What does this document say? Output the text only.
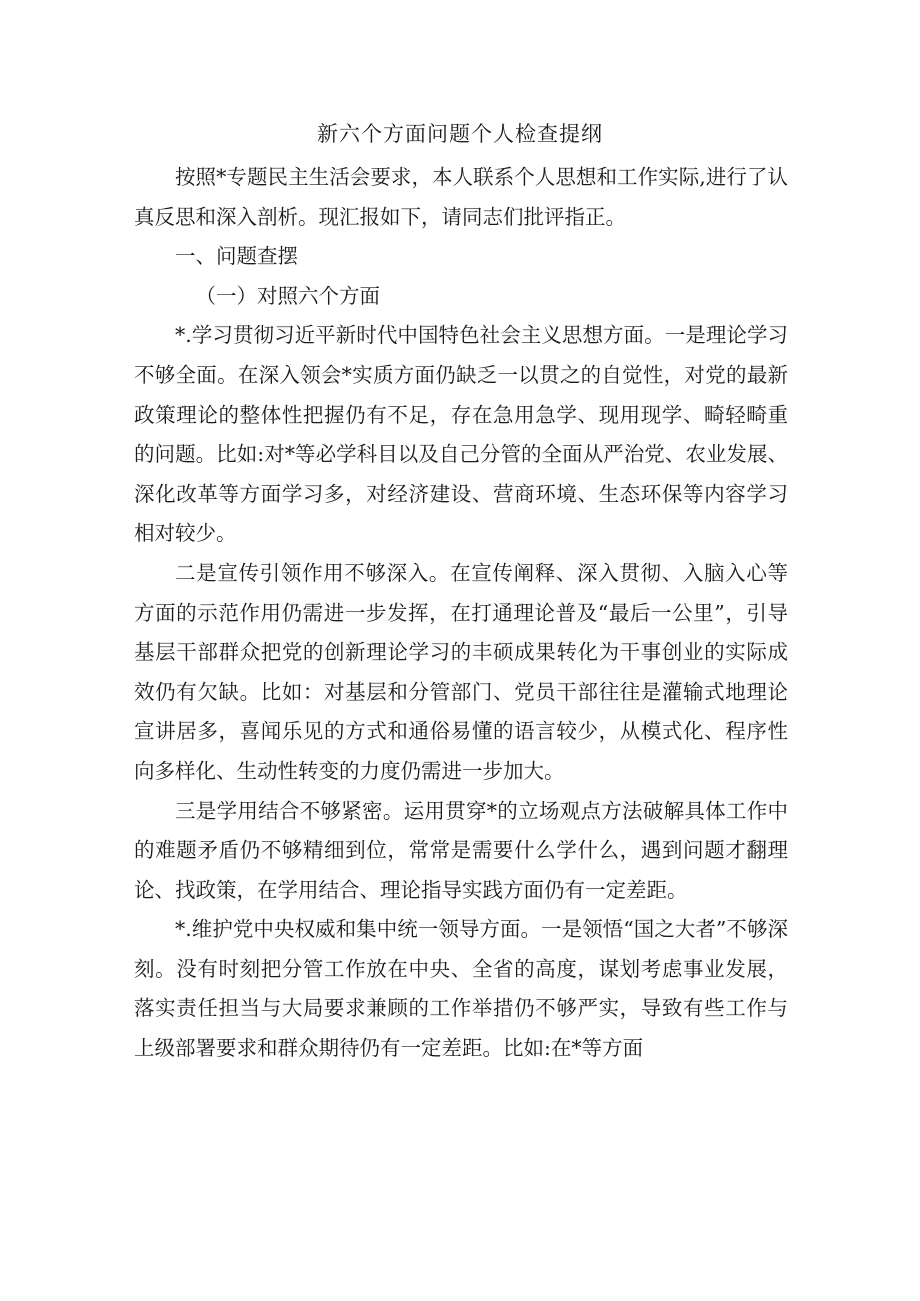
新六个方面问题个人检查提纲

按照*专题民主生活会要求，本人联系个人思想和工作实际,进行了认真反思和深入剖析。现汇报如下，请同志们批评指正。

一、问题查摆

（一）对照六个方面

*.学习贯彻习近平新时代中国特色社会主义思想方面。一是理论学习不够全面。在深入领会*实质方面仍缺乏一以贯之的自觉性，对党的最新政策理论的整体性把握仍有不足，存在急用急学、现用现学、畸轻畸重的问题。比如:对*等必学科目以及自己分管的全面从严治党、农业发展、深化改革等方面学习多，对经济建设、营商环境、生态环保等内容学习相对较少。

二是宣传引领作用不够深入。在宣传阐释、深入贯彻、入脑入心等方面的示范作用仍需进一步发挥，在打通理论普及“最后一公里”，引导基层干部群众把党的创新理论学习的丰硕成果转化为干事创业的实际成效仍有欠缺。比如：对基层和分管部门、党员干部往往是灌输式地理论宣讲居多，喜闻乐见的方式和通俗易懂的语言较少，从模式化、程序性向多样化、生动性转变的力度仍需进一步加大。

三是学用结合不够紧密。运用贯穿*的立场观点方法破解具体工作中的难题矛盾仍不够精细到位，常常是需要什么学什么，遇到问题才翻理论、找政策，在学用结合、理论指导实践方面仍有一定差距。

*.维护党中央权威和集中统一领导方面。一是领悟“国之大者”不够深刻。没有时刻把分管工作放在中央、全省的高度，谋划考虑事业发展，落实责任担当与大局要求兼顾的工作举措仍不够严实，导致有些工作与上级部署要求和群众期待仍有一定差距。比如:在*等方面
